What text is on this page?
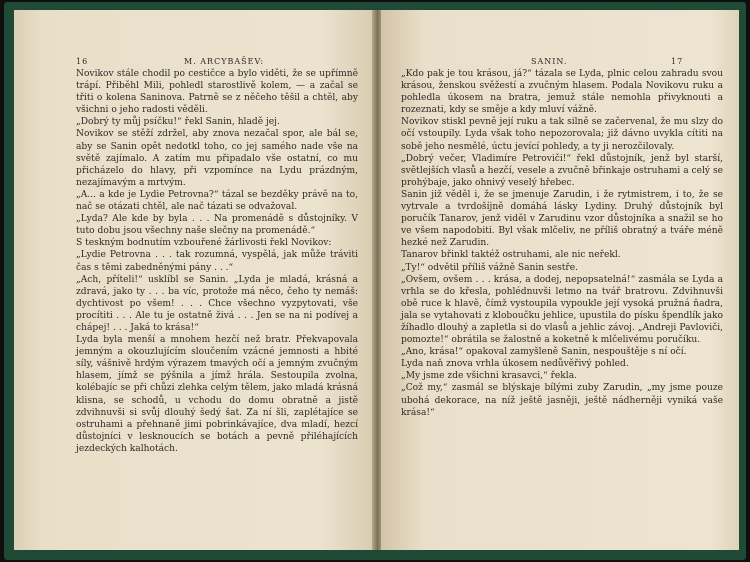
16	M. ARCYBAŠEV:
Novikov stále chodil po cestičce a bylo viděti, že se upřímně trápí. Přiběhl Mili, pohledl starostlivě kolem, — a začal se třiti o kolena Saninova. Patrně se z něčeho těšil a chtěl, aby všichni o jeho radosti věděli.
„Dobrý ty můj psíčku!“ řekl Sanin, hladě jej.
Novikov se stěží zdržel, aby znova nezačal spor, ale bál se, aby se Sanin opět nedotkl toho, co jej samého nade vše na světě zajímalo. A zatím mu připadalo vše ostatní, co mu přicházelo do hlavy, při vzpomínce na Lydu prázdným, nezajímavým a mrtvým.
„A... a kde je Lydie Petrovna?“ tázal se bezděky právě na to, nač se otázati chtěl, ale nač tázati se odvažoval.
„Lyda? Ale kde by byla . . . Na promenádě s důstojníky. V tuto dobu jsou všechny naše slečny na promenádě.“
S teskným bodnutím vzbouřené žárlivosti řekl Novikov:
„Lydie Petrovna . . . tak rozumná, vyspělá, jak může tráviti čas s těmi zabedněnými pány . . .“
„Ach, příteli!“ usklíbl se Sanin. „Lyda je mladá, krásná a zdravá, jako ty . . . ba víc, protože má něco, čeho ty nemáš: dychtivost po všem! . . . Chce všechno vyzpytovati, vše procítiti . . . Ale tu je ostatně živá . . . Jen se na ni podívej a chápej! . . . Jaká to krása!“
Lyda byla menší a mnohem hezčí než bratr. Překvapovala jemným a okouzlujícím sloučením vzácné jemnosti a hbité síly, vášnivě hrdým výrazem tmavých očí a jemným zvučným hlasem, jímž se pýšnila a jímž hrála. Sestoupila zvolna, kolébajíc se při chůzi zlehka celým tělem, jako mladá krásná klisna, se schodů, u vchodu do domu obratně a jistě zdvihnuvši si svůj dlouhý šedý šat. Za ní šli, zaplétajíce se ostruhami a přehnaně jimi pobrinkávajíce, dva mladí, hezcí důstojníci v lesknoucích se botách a pevně přiléhajících jezdeckých kalhotách.
SANIN.	17
„Kdo pak je tou krásou, já?“ tázala se Lyda, plnic celou zahradu svou krásou, ženskou svěžestí a zvučným hlasem. Podala Novikovu ruku a pohledla úkosem na bratra, jemuž stále nemohla přivyknouti a rozeznati, kdy se směje a kdy mluví vážně.
Novikov stiskl pevně její ruku a tak silně se začervenal, že mu slzy do očí vstoupily. Lyda však toho nepozorovala; již dávno uvykla cítiti na sobě jeho nesmělé, úctu jevící pohledy, a ty ji nerozčilovaly.
„Dobrý večer, Vladimíre Petroviči!“ řekl důstojník, jenž byl starší, světlejších vlasů a hezčí, vesele a zvučně břinkaje ostruhami a celý se prohýbaje, jako ohnivý veselý hřebec.
Sanin již věděl i, že se jmenuje Zarudin, i že rytmistrem, i to, že se vytrvale a tvrdošíjně domáhá lásky Lydiny. Druhý důstojník byl poručík Tanarov, jenž viděl v Zarudinu vzor důstojníka a snažil se ho ve všem napodobiti. Byl však mlčeliv, ne příliš obratný a tváře méně hezké než Zarudin.
Tanarov břinkl taktéž ostruhami, ale nic neřekl.
„Ty!“ odvětil příliš vážně Sanin sestře.
„Ovšem, ovšem . . . krása, a dodej, nepopsatelná!“ zasmála se Lyda a vrhla se do křesla, pohlédnuvši letmo na tvář bratrovu. Zdvihnuvši obě ruce k hlavě, čímž vystoupila vypoukle její vysoká pružná ňadra, jala se vytahovati z kloboučku jehlice, upustila do písku špendlík jako žíhadlo dlouhý a zapletla si do vlasů a jehlic závoj. „Andreji Pavloviči, pomozte!“ obrátila se žalostně a koketně k mlčelivému poručíku.
„Ano, krása!“ opakoval zamyšleně Sanin, nespouštěje s ní očí.
Lyda naň znova vrhla úkosem nedůvěřivý pohled.
„My jsme zde všichni krasavci,“ řekla.
„Což my,“ zasmál se blýskaje bílými zuby Zarudin, „my jsme pouze ubohá dekorace, na níž ještě jasněji, ještě nádherněji vyniká vaše krása!“
